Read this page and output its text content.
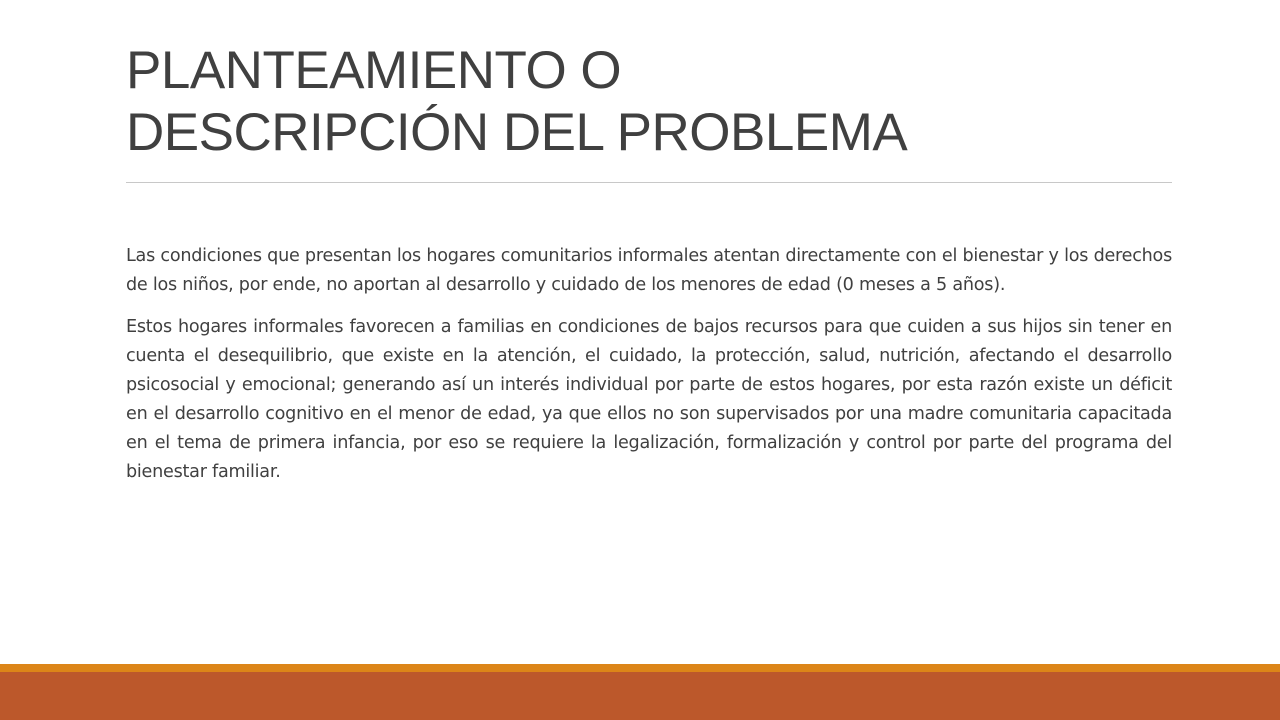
PLANTEAMIENTO O
DESCRIPCIÓN DEL PROBLEMA

Las condiciones que presentan los hogares comunitarios informales atentan directamente con el bienestar y los derechos de los niños, por ende, no aportan al desarrollo y cuidado de los menores de edad (0 meses a 5 años).

Estos hogares informales favorecen a familias en condiciones de bajos recursos para que cuiden a sus hijos sin tener en cuenta el desequilibrio, que existe en la atención, el cuidado, la protección, salud, nutrición, afectando el desarrollo psicosocial y emocional; generando así un interés individual por parte de estos hogares, por esta razón existe un déficit en el desarrollo cognitivo en el menor de edad, ya que ellos no son supervisados por una madre comunitaria capacitada en el tema de primera infancia, por eso se requiere la legalización, formalización y control por parte del programa del bienestar familiar.
